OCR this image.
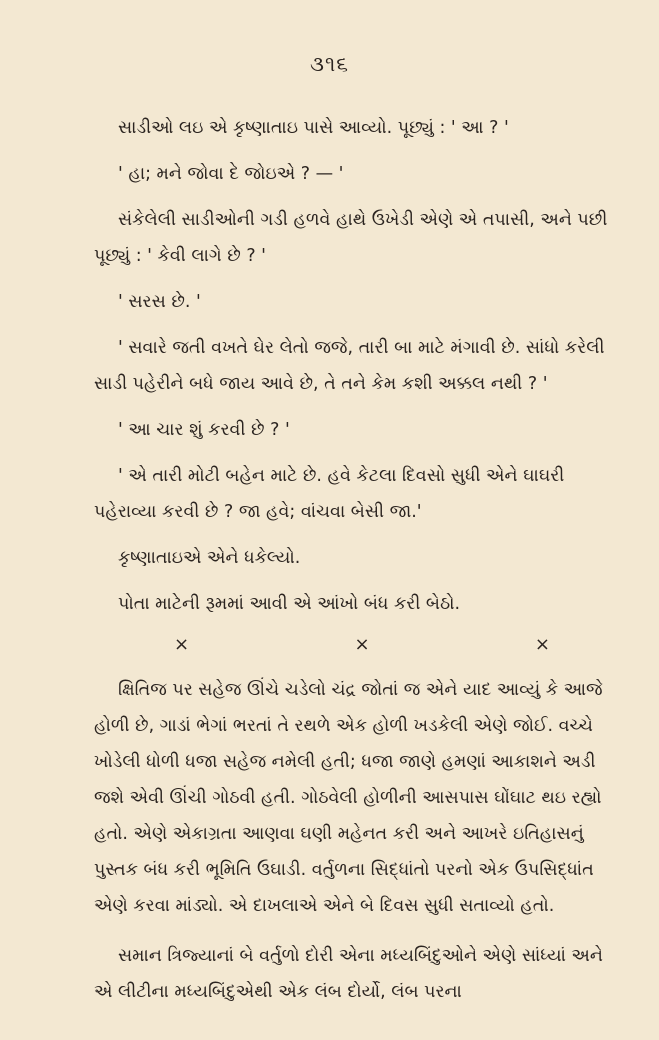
૩૧૬

સાડીઓ લઇ એ કૃષ્ણાતાઇ પાસે આવ્યો. પૂછ્યું : ' આ ? '

' હા; મને જોવા દે જોઇએ ? — '

સંકેલેલી સાડીઓની ગડી હળવે હાથે ઉખેડી એણે એ તપાસી, અને પછી પૂછ્યું : ' કેવી લાગે છે ? '

' સરસ છે. '

' સવારે જતી વખતે ઘેર લેતો જજે, તારી બા માટે મંગાવી છે. સાંધો કરેલી સાડી પહેરીને બધે જાય આવે છે, તે તને કેમ કશી અક્કલ નથી ? '

' આ ચાર શું કરવી છે ? '

' એ તારી મોટી બહેન માટે છે. હવે કેટલા દિવસો સુધી એને ઘાઘરી પહેરાવ્યા કરવી છે ? જા હવે; વાંચવા બેસી જા.'

કૃષ્ણાતાઇએ એને ધકેલ્યો.

પોતા માટેની રૂમમાં આવી એ આંખો બંધ કરી બેઠો.

×	×	×

ક્ષિતિજ પર સહેજ ઊંચે ચડેલો ચંદ્ર જોતાં જ એને યાદ આવ્યું કે આજે હોળી છે, ગાડાં ભેગાં ભરતાં તે રથળે એક હોળી ખડકેલી એણે જોઈ. વચ્ચે ખોડેલી ધોળી ધજા સહેજ નમેલી હતી; ધજા જાણે હમણાં આકાશને અડી જશે એવી ઊંચી ગોઠવી હતી. ગોઠવેલી હોળીની આસપાસ ઘોંઘાટ થઇ રહ્યો હતો. એણે એકાગ્રતા આણવા ઘણી મહેનત કરી અને આખરે ઇતિહાસનું પુસ્તક બંધ કરી ભૂમિતિ ઉઘાડી. વર્તુળના સિદ્ધાંતો પરનો એક ઉપસિદ્ધાંત એણે કરવા માંડ્યો. એ દાખલાએ એને બે દિવસ સુધી સતાવ્યો હતો.

સમાન ત્રિજ્યાનાં બે વર્તુળો દોરી એના મધ્યબિંદુઓને એણે સાંધ્યાં અને એ લીટીના મધ્યબિંદુએથી એક લંબ દોર્યો, લંબ પરના
